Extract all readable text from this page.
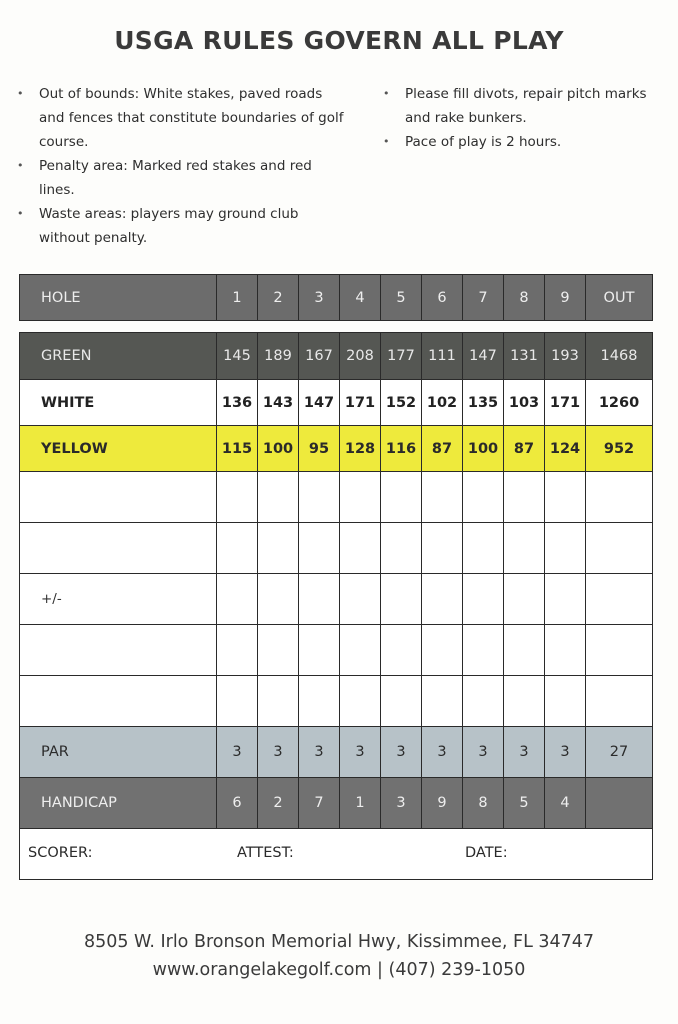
USGA RULES GOVERN ALL PLAY
• Out of bounds: White stakes, paved roads and fences that constitute boundaries of golf course.
• Penalty area: Marked red stakes and red lines.
• Waste areas: players may ground club without penalty.
• Please fill divots, repair pitch marks and rake bunkers.
• Pace of play is 2 hours.
HOLE	1	2	3	4	5	6	7	8	9	OUT

GREEN	145	189	167	208	177	111	147	131	193	1468
WHITE	136	143	147	171	152	102	135	103	171	1260
YELLOW	115	100	95	128	116	87	100	87	124	952

+/-										

PAR	3	3	3	3	3	3	3	3	3	27
HANDICAP	6	2	7	1	3	9	8	5	4	

SCORER: ATTEST: DATE:										
8505 W. Irlo Bronson Memorial Hwy, Kissimmee, FL 34747
www.orangelakegolf.com | (407) 239-1050
